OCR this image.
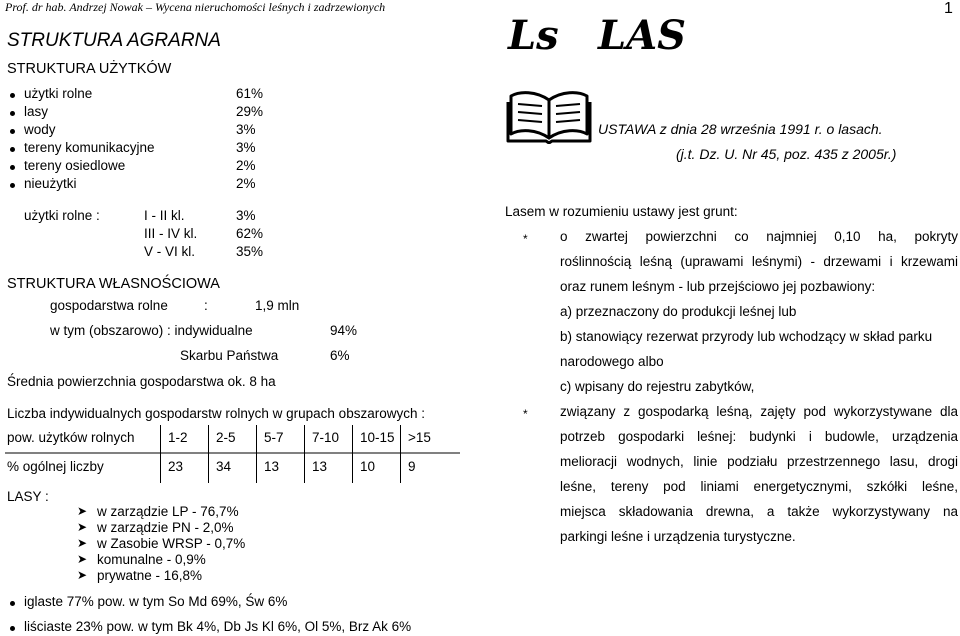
Prof. dr hab. Andrzej Nowak – Wycena nieruchomości leśnych i zadrzewionych	1
STRUKTURA AGRARNA
STRUKTURA UŻYTKÓW
użytki rolne	61%
lasy	29%
wody	3%
tereny komunikacyjne	3%
tereny osiedlowe	2%
nieużytki	2%
użytki rolne :	I - II kl.	3%
III - IV kl.	62%
V - VI kl.	35%
STRUKTURA WŁASNOŚCIOWA
gospodarstwa rolne	:	1,9 mln
w tym (obszarowo) : indywidualne	94%
Skarbu Państwa	6%
Średnia powierzchnia gospodarstwa ok. 8 ha
Liczba indywidualnych gospodarstw rolnych w grupach obszarowych :
pow. użytków rolnych 1-2 2-5 5-7 7-10 10-15 >15
% ogólnej liczby	23 34 13 13 10 9
LASY :
➤ w zarządzie LP - 76,7%
➤ w zarządzie PN - 2,0%
➤ w Zasobie WRSP - 0,7%
➤ komunalne - 0,9%
➤ prywatne - 16,8%
iglaste 77% pow. w tym So Md 69%, Św 6%
liściaste 23% pow. w tym Bk 4%, Db Js Kl 6%, Ol 5%, Brz Ak 6%
Ls LAS
USTAWA z dnia 28 września 1991 r. o lasach.
(j.t. Dz. U. Nr 45, poz. 435 z 2005r.)
Lasem w rozumieniu ustawy jest grunt:
* o zwartej powierzchni co najmniej 0,10 ha, pokryty
roślinnością leśną (uprawami leśnymi) - drzewami i krzewami
oraz runem leśnym - lub przejściowo jej pozbawiony:
a) przeznaczony do produkcji leśnej lub
b) stanowiący rezerwat przyrody lub wchodzący w skład parku
narodowego albo
c) wpisany do rejestru zabytków,
* związany z gospodarką leśną, zajęty pod wykorzystywane dla
potrzeb gospodarki leśnej: budynki i budowle, urządzenia
melioracji wodnych, linie podziału przestrzennego lasu, drogi
leśne, tereny pod liniami energetycznymi, szkółki leśne,
miejsca składowania drewna, a także wykorzystywany na
parkingi leśne i urządzenia turystyczne.
